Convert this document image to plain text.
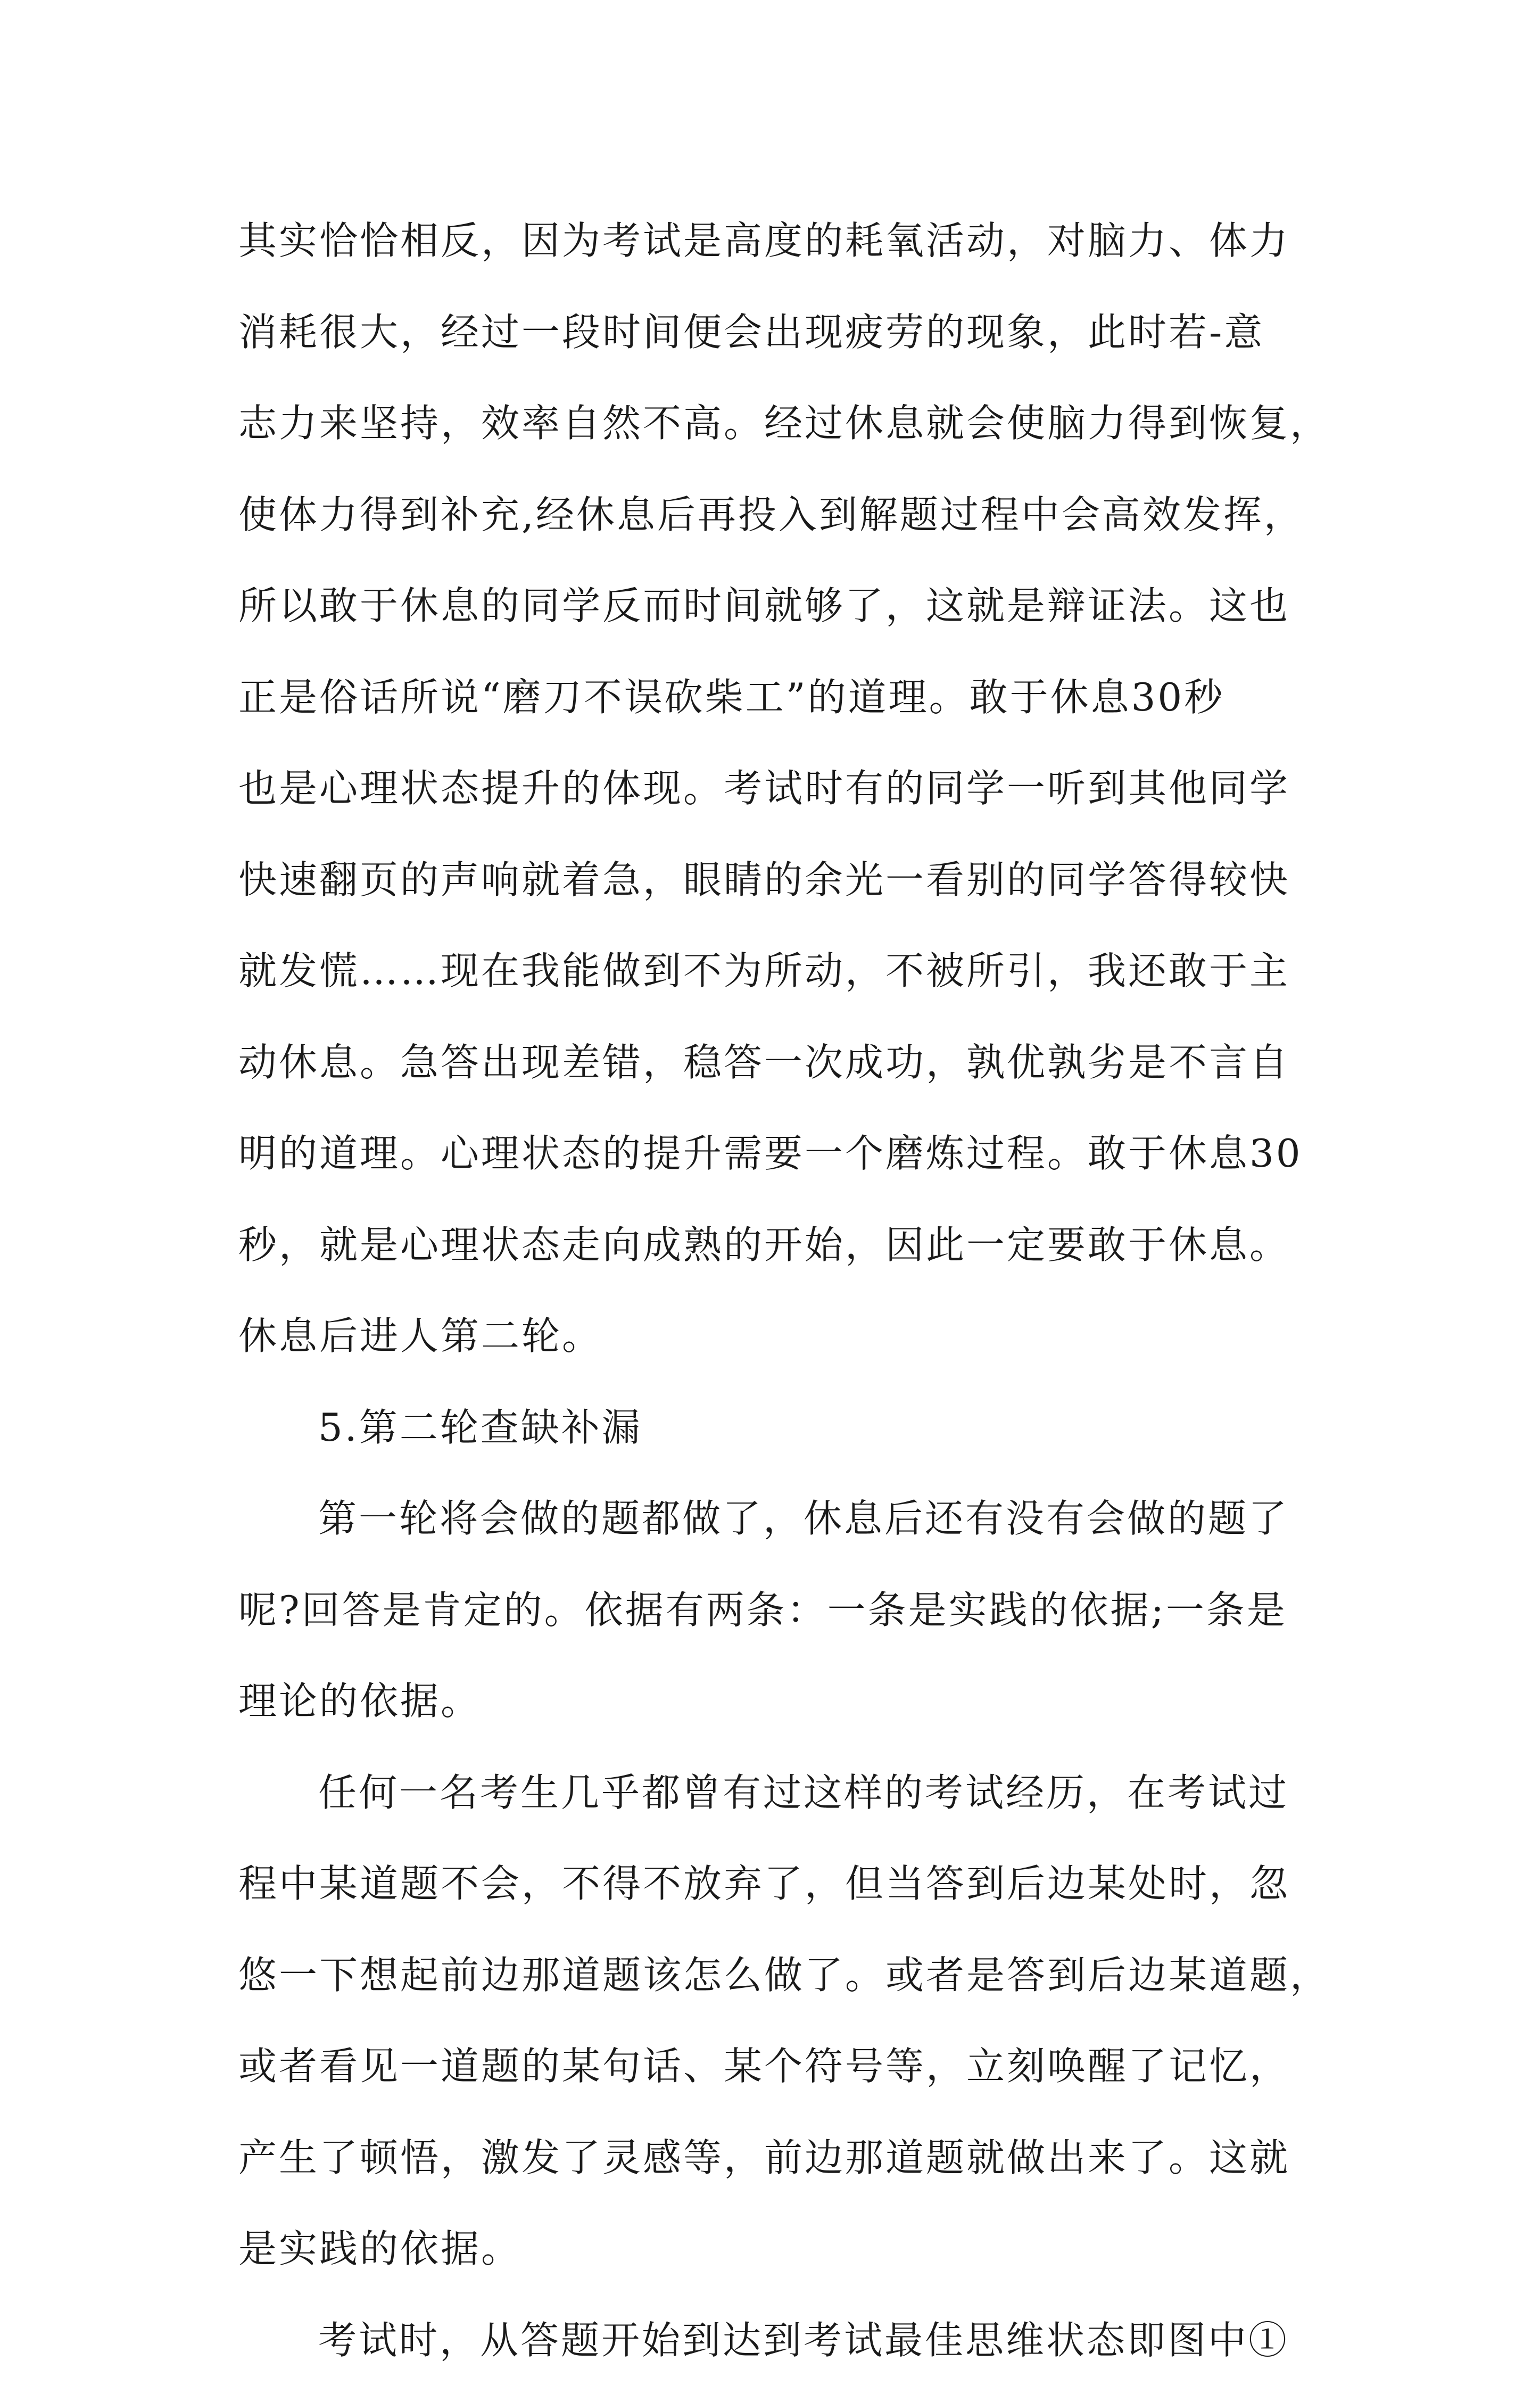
其实恰恰相反，因为考试是高度的耗氧活动，对脑力、体力
消耗很大，经过一段时间便会出现疲劳的现象，此时若-意
志力来坚持，效率自然不高。经过休息就会使脑力得到恢复，
使体力得到补充,经休息后再投入到解题过程中会高效发挥，
所以敢于休息的同学反而时间就够了，这就是辩证法。这也
正是俗话所说“磨刀不误砍柴工”的道理。敢于休息30秒
也是心理状态提升的体现。考试时有的同学一听到其他同学
快速翻页的声响就着急，眼睛的余光一看别的同学答得较快
就发慌……现在我能做到不为所动，不被所引，我还敢于主
动休息。急答出现差错，稳答一次成功，孰优孰劣是不言自
明的道理。心理状态的提升需要一个磨炼过程。敢于休息30
秒，就是心理状态走向成熟的开始，因此一定要敢于休息。
休息后进人第二轮。
5.第二轮查缺补漏
第一轮将会做的题都做了，休息后还有没有会做的题了
呢?回答是肯定的。依据有两条：一条是实践的依据;一条是
理论的依据。
任何一名考生几乎都曾有过这样的考试经历，在考试过
程中某道题不会，不得不放弃了，但当答到后边某处时，忽
悠一下想起前边那道题该怎么做了。或者是答到后边某道题，
或者看见一道题的某句话、某个符号等，立刻唤醒了记忆，
产生了顿悟，激发了灵感等，前边那道题就做出来了。这就
是实践的依据。
考试时，从答题开始到达到考试最佳思维状态即图中①
